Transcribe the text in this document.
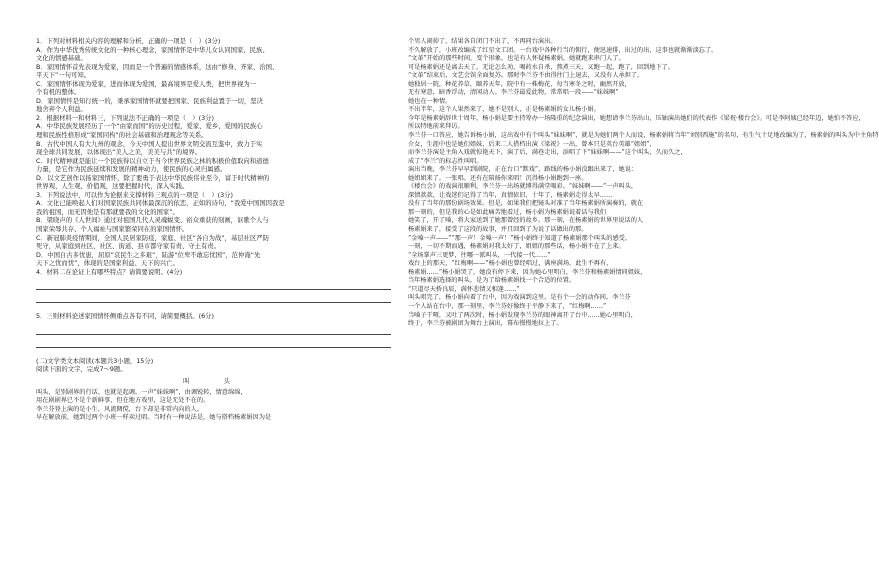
1．下列对材料相关内容的理解和分析，正确的一项是（　）(3分)
A．作为中华优秀传统文化的一种核心理念，家国情怀是中华儿女认同国家、民族、
文化的情感基础。
B．家国情怀首先表现为爱家，因而是一个普遍的情感体系，这由“修身、齐家、治国、
平天下”一句可知。
C．家国情怀体现为爱家，进而体现为爱国，最高境界是爱人类，把世界视为一
个有机的整体。
D．家国情怀是知行统一的，秉承家国情怀就要把国家、民族利益置于一切，坚决
地舍弃个人利益。
2．根据材料一和材料三，下列说法不正确的一项是（　）(3分)
A．中华民族发展经历了一个“由家而国”的历史过程，爱家、爱乡、爱国的民族心
理和民族性格形成“家国同构”的社会基础和治理观念等关系。
B．古代中国人有大九州的观念，今天中国人提出世界文明交流互鉴中，致力于实
现全球共同发展，以体现出“美人之美，美美与共”的境界。
C．时代精神就是能让一个民族得以自立于当今世界民族之林的积极价值取向和道德
力量，是它作为民族延续和发展的精神动力，使民族的心灵归属感。
D．以文艺创作以扬家国情怀，除了要勇于表达中华民族伟业至今，富于时代精神的
世界观、人生观、价值观，这要把握时代，深入实践。
3．下列说法中，可以作为论据来支撑材料三观点的一项是（　）(3分)
A．文化已能唤起人们对国家民族共同体最深沉的依恋，正如的诗句，“我爱中国国因我是
我的祖国，而无因他是有那就要我的文化的国家”。
B．梁晓声的《人世间》通过对祖国几代人灵魂蜕变、裕众重获的刻画，讴歌个人与
国家荣辱共存、个人福祉与国家繁荣同在的家国情怀。
C．新冠肺炎疫情期间，全国人民居家防疫，家庭、社区“各自为战”，基层社区严防
死守，从家庭到社区、社区、街道、县市都守家有责、守土有责。
D．中国自古多忧患，屈原“哀民生之多艰”，陆游“位卑不敢忘忧国”，范仲淹“先
天下之忧而忧”，体现的是国家利益、天下的兴亡。
4．材料二在论证上有哪些特点？请简要说明。(4分)
5．三则材料论述家国情怀侧重点各有不同，请简要概括。(6分)
(二)文学类文本阅读(本题共3小题，15分)
阅读下面的文字，完成7～9题。
叫　头
叫头，是别剧界的行话，也就是起调。一声“妹妹啊”，由调锐转，情意绵绵，
用在剧剧界已不是个新鲜事，但在地方戏里，这是无处不在的。
李兰芬登上演的是小生，风流倜傥，台下却是非常内向的人。
早在解放前，她到过两个小班一样卖过唱。当时有一种说法是，她与搭档杨素娟因为是
个男人闹掉了，结果各自闭门不出了，不再同台演出。
不久解放了，小班改编成了红星文工团。一台戏中各种行当的佣行，便迅速排，出过的出，这事也就渐渐淡忘了。
“文革”开始的那些时间，变个形象，也是有人怀疑杨素娟，她就跑来串门人了。
可是杨素娟还是离去天了，无论怎么劝，喝药水自杀，熬煮三天，又跑一起，跑了，回到地下了。
“文革”结束后，文艺会馆全面复苏。那时李兰芬不由得往门上退去，又没有人承担了。
她独居一院，种花养草，颐养天年，院中有一株梅花，每当寒冬之时，幽然开放，
无有寒意，暗香浮动，清闲动人。李兰芬最爱此物，常常唱一段——“妹妹啊”
她也在一种情。
不出半年，这个人果然来了，她不是别人，正是杨素娟的女儿杨小娟。
今年是杨素娟辞世十周年，杨小娟是要主持筹办一场隆重的纪念演出，她想请李兰芬出山，压轴演出她们的代表作《梁祝·楼台会》。可是李阿姨已经年迈，她怕不答应，
所以特地前来拜访。
李兰芬一口答应，她告诉杨小娟，这出戏中有个叫头“妹妹啊”，就是为她们两个人而设，杨素娟将当年“刘别西施”的名句，有生气十足地改编为了，杨素娟的叫头为中主角特
介女，生涯中也是她们姐妹，后来二人搭档出演《梁祝》一出，曾本只是英台英雄“姐姐”，
而李兰芬演是主角入戏就惊艳天下，演了后，满巷走出，添唱了下“妹妹啊——”这个叫头，久而久之，
成了“李兰”的标志性叫唱。
演出当晚，李兰芬早早到剧院，正在台口“默戏”，路线的杨小娟没跟出来了，她说：
她姐姐来了。一张唱。还有在陪扬你来唱！沉得杨小娟跑到一座。
《楼台会》的戏演很顺利，李兰芬一出场就博得满堂喝彩。“妹妹啊——”一声叫头，
深情款款，让戏迷们记得了当年，真情依旧，十年了，杨素娟走得太早……
没有了当年的那份剧场效果。但是，如果我们把镜头对准了当年杨素娟所演奏的，就在
那一刻的，但是我的心是如此痛苦地看过，杨小娟为杨素娟说着话与我们
她笑了，开了嗓，将大家送到了她那曾经的故乡。那一刻，在杨素娟的世界里说话的人
杨素娟来了，接受了这段的故事，并且回到了为说了话做出的那。
“金嗓一声——”“那一声！金嗓一声！”杨小娟终于知道了杨素娟那个叫头的感受。
一刻，一切不期而遇，杨素娟对我太好了，姐姐的那些话，杨小娟不在了上来。
“全场掌声三更梦，往哪一派叫头，一代接一代……”
戏台上的那天，“红梅啊——”杨小娟也曾经唱过，满座满场，此生不再有，
杨素娟……”杨小娟哭了，她没有停下来，因为她心里明白，李兰芬和杨素娟情同姐妹，
当年杨素娟选择的叫头，是为了给杨素娟找一个合适的位置。
“只道尽天桥良辰，满怀悲情又相逢……”
叫头唱完了，杨小娟向着了台中，因为戏演到这里，是有个一会的动作间。李兰芬
一个人站在台中，那一刻里，李兰芬好像终于平静下来了，“红梅啊……”
当嗓子干哑，又吐了两次时，杨小娟发现李兰芬的眼神离开了台中……她心里明白，
终于，李兰芬被剧团为舞台上演出，幕布慢慢地拉上了。
